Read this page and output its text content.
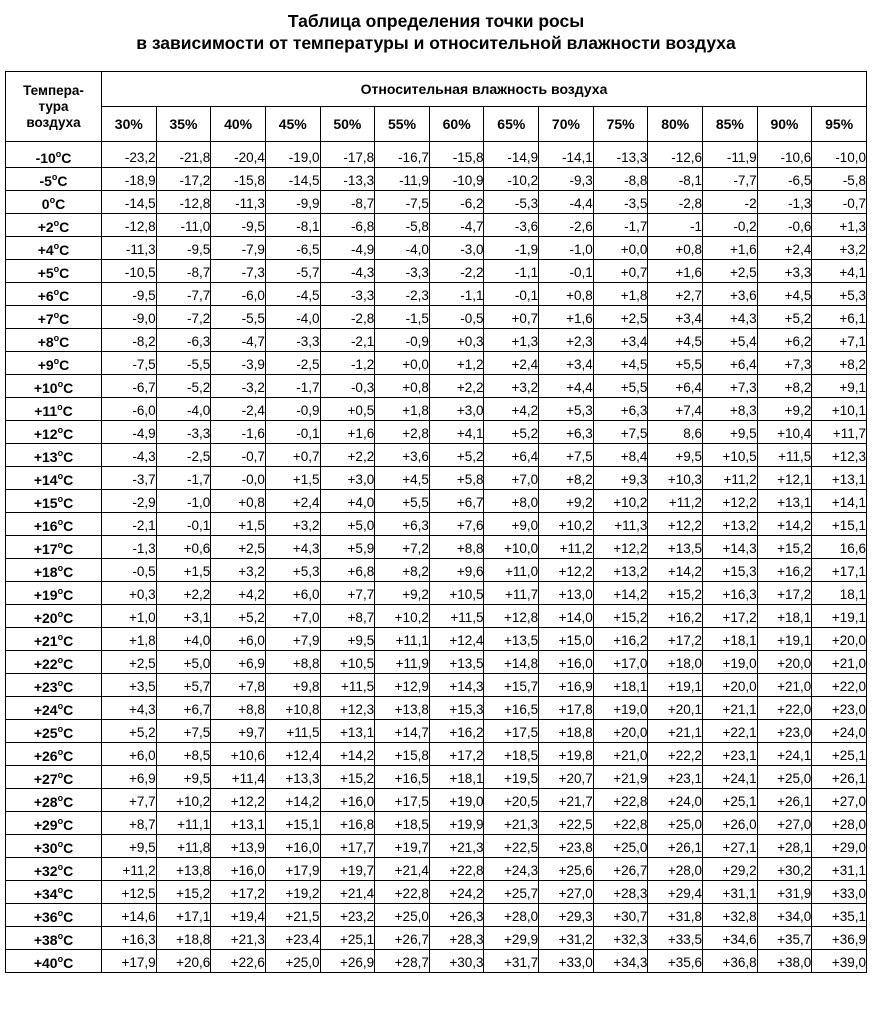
Таблица определения точки росы
в зависимости от температуры и относительной влажности воздуха
Темпера-
тура
воздуха	Относительная влажность воздуха													
	30%	35%	40%	45%	50%	55%	60%	65%	70%	75%	80%	85%	90%	95%

-10$^o$C	-23,2	-21,8	-20,4	-19,0	-17,8	-16,7	-15,8	-14,9	-14,1	-13,3	-12,6	-11,9	-10,6	-10,0
-5$^o$C	-18,9	-17,2	-15,8	-14,5	-13,3	-11,9	-10,9	-10,2	-9,3	-8,8	-8,1	-7,7	-6,5	-5,8
0$^o$C	-14,5	-12,8	-11,3	-9,9	-8,7	-7,5	-6,2	-5,3	-4,4	-3,5	-2,8	-2	-1,3	-0,7
$+2^oC$	-12,8	-11,0	-9,5	-8,1	-6,8	-5,8	-4,7	-3,6	-2,6	-1,7	-1	-0,2	-0,6	+1,3
$+4^oC$	-11,3	-9,5	-7,9	-6,5	-4,9	-4,0	-3,0	-1,9	-1,0	+0,0	+0,8	+1,6	+2,4	+3,2
$+5^oC$	-10,5	-8,7	-7,3	-5,7	-4,3	-3,3	-2,2	-1,1	-0,1	+0,7	+1,6	+2,5	+3,3	+4,1
$+6^oC$	-9,5	-7,7	-6,0	-4,5	-3,3	-2,3	-1,1	-0,1	+0,8	+1,8	+2,7	+3,6	+4,5	+5,3
$+7^oC$	-9,0	-7,2	-5,5	-4,0	-2,8	-1,5	-0,5	+0,7	+1,6	+2,5	+3,4	+4,3	+5,2	+6,1
$+8^oC$	-8,2	-6,3	-4,7	-3,3	-2,1	-0,9	+0,3	+1,3	+2,3	+3,4	+4,5	+5,4	+6,2	+7,1
$+9^oC$	-7,5	-5,5	-3,9	-2,5	-1,2	+0,0	+1,2	+2,4	+3,4	+4,5	+5,5	+6,4	+7,3	+8,2
$+10^oC$	-6,7	-5,2	-3,2	-1,7	-0,3	+0,8	+2,2	+3,2	+4,4	+5,5	+6,4	+7,3	+8,2	+9,1
$+11^oC$	-6,0	-4,0	-2,4	-0,9	+0,5	+1,8	+3,0	+4,2	+5,3	+6,3	+7,4	+8,3	+9,2	+10,1
$+12^oC$	-4,9	-3,3	-1,6	-0,1	+1,6	+2,8	+4,1	+5,2	+6,3	+7,5	8,6	+9,5	+10,4	+11,7
$+13^oC$	-4,3	-2,5	-0,7	+0,7	+2,2	+3,6	+5,2	+6,4	+7,5	+8,4	+9,5	+10,5	+11,5	+12,3
$+14^oC$	-3,7	-1,7	-0,0	+1,5	+3,0	+4,5	+5,8	+7,0	+8,2	+9,3	+10,3	+11,2	+12,1	+13,1
$+15^oC$	-2,9	-1,0	+0,8	+2,4	+4,0	+5,5	+6,7	+8,0	+9,2	+10,2	+11,2	+12,2	+13,1	+14,1
$+16^oC$	-2,1	-0,1	+1,5	+3,2	+5,0	+6,3	+7,6	+9,0	+10,2	+11,3	+12,2	+13,2	+14,2	+15,1
$+17^oC$	-1,3	+0,6	+2,5	+4,3	+5,9	+7,2	+8,8	+10,0	+11,2	+12,2	+13,5	+14,3	+15,2	16,6
$+18^oC$	-0,5	+1,5	+3,2	+5,3	+6,8	+8,2	+9,6	+11,0	+12,2	+13,2	+14,2	+15,3	+16,2	+17,1
$+19^oC$	+0,3	+2,2	+4,2	+6,0	+7,7	+9,2	+10,5	+11,7	+13,0	+14,2	+15,2	+16,3	+17,2	18,1
$+20^oC$	+1,0	+3,1	+5,2	+7,0	+8,7	+10,2	+11,5	+12,8	+14,0	+15,2	+16,2	+17,2	+18,1	+19,1
$+21^oC$	+1,8	+4,0	+6,0	+7,9	+9,5	+11,1	+12,4	+13,5	+15,0	+16,2	+17,2	+18,1	+19,1	+20,0
$+22^oC$	+2,5	+5,0	+6,9	+8,8	+10,5	+11,9	+13,5	+14,8	+16,0	+17,0	+18,0	+19,0	+20,0	+21,0
$+23^oC$	+3,5	+5,7	+7,8	+9,8	+11,5	+12,9	+14,3	+15,7	+16,9	+18,1	+19,1	+20,0	+21,0	+22,0
$+24^oC$	+4,3	+6,7	+8,8	+10,8	+12,3	+13,8	+15,3	+16,5	+17,8	+19,0	+20,1	+21,1	+22,0	+23,0
$+25^oC$	+5,2	+7,5	+9,7	+11,5	+13,1	+14,7	+16,2	+17,5	+18,8	+20,0	+21,1	+22,1	+23,0	+24,0
$+26^oC$	+6,0	+8,5	+10,6	+12,4	+14,2	+15,8	+17,2	+18,5	+19,8	+21,0	+22,2	+23,1	+24,1	+25,1
$+27^oC$	+6,9	+9,5	+11,4	+13,3	+15,2	+16,5	+18,1	+19,5	+20,7	+21,9	+23,1	+24,1	+25,0	+26,1
$+28^oC$	+7,7	+10,2	+12,2	+14,2	+16,0	+17,5	+19,0	+20,5	+21,7	+22,8	+24,0	+25,1	+26,1	+27,0
$+29^oC$	+8,7	+11,1	+13,1	+15,1	+16,8	+18,5	+19,9	+21,3	+22,5	+22,8	+25,0	+26,0	+27,0	+28,0
$+30^oC$	+9,5	+11,8	+13,9	+16,0	+17,7	+19,7	+21,3	+22,5	+23,8	+25,0	+26,1	+27,1	+28,1	+29,0
$+32^oC$	+11,2	+13,8	+16,0	+17,9	+19,7	+21,4	+22,8	+24,3	+25,6	+26,7	+28,0	+29,2	+30,2	+31,1
$+34^oC$	+12,5	+15,2	+17,2	+19,2	+21,4	+22,8	+24,2	+25,7	+27,0	+28,3	+29,4	+31,1	+31,9	+33,0
$+36^oC$	+14,6	+17,1	+19,4	+21,5	+23,2	+25,0	+26,3	+28,0	+29,3	+30,7	+31,8	+32,8	+34,0	+35,1
$+38^oC$	+16,3	+18,8	+21,3	+23,4	+25,1	+26,7	+28,3	+29,9	+31,2	+32,3	+33,5	+34,6	+35,7	+36,9
$+40^oC$	+17,9	+20,6	+22,6	+25,0	+26,9	+28,7	+30,3	+31,7	+33,0	+34,3	+35,6	+36,8	+38,0	+39,0
